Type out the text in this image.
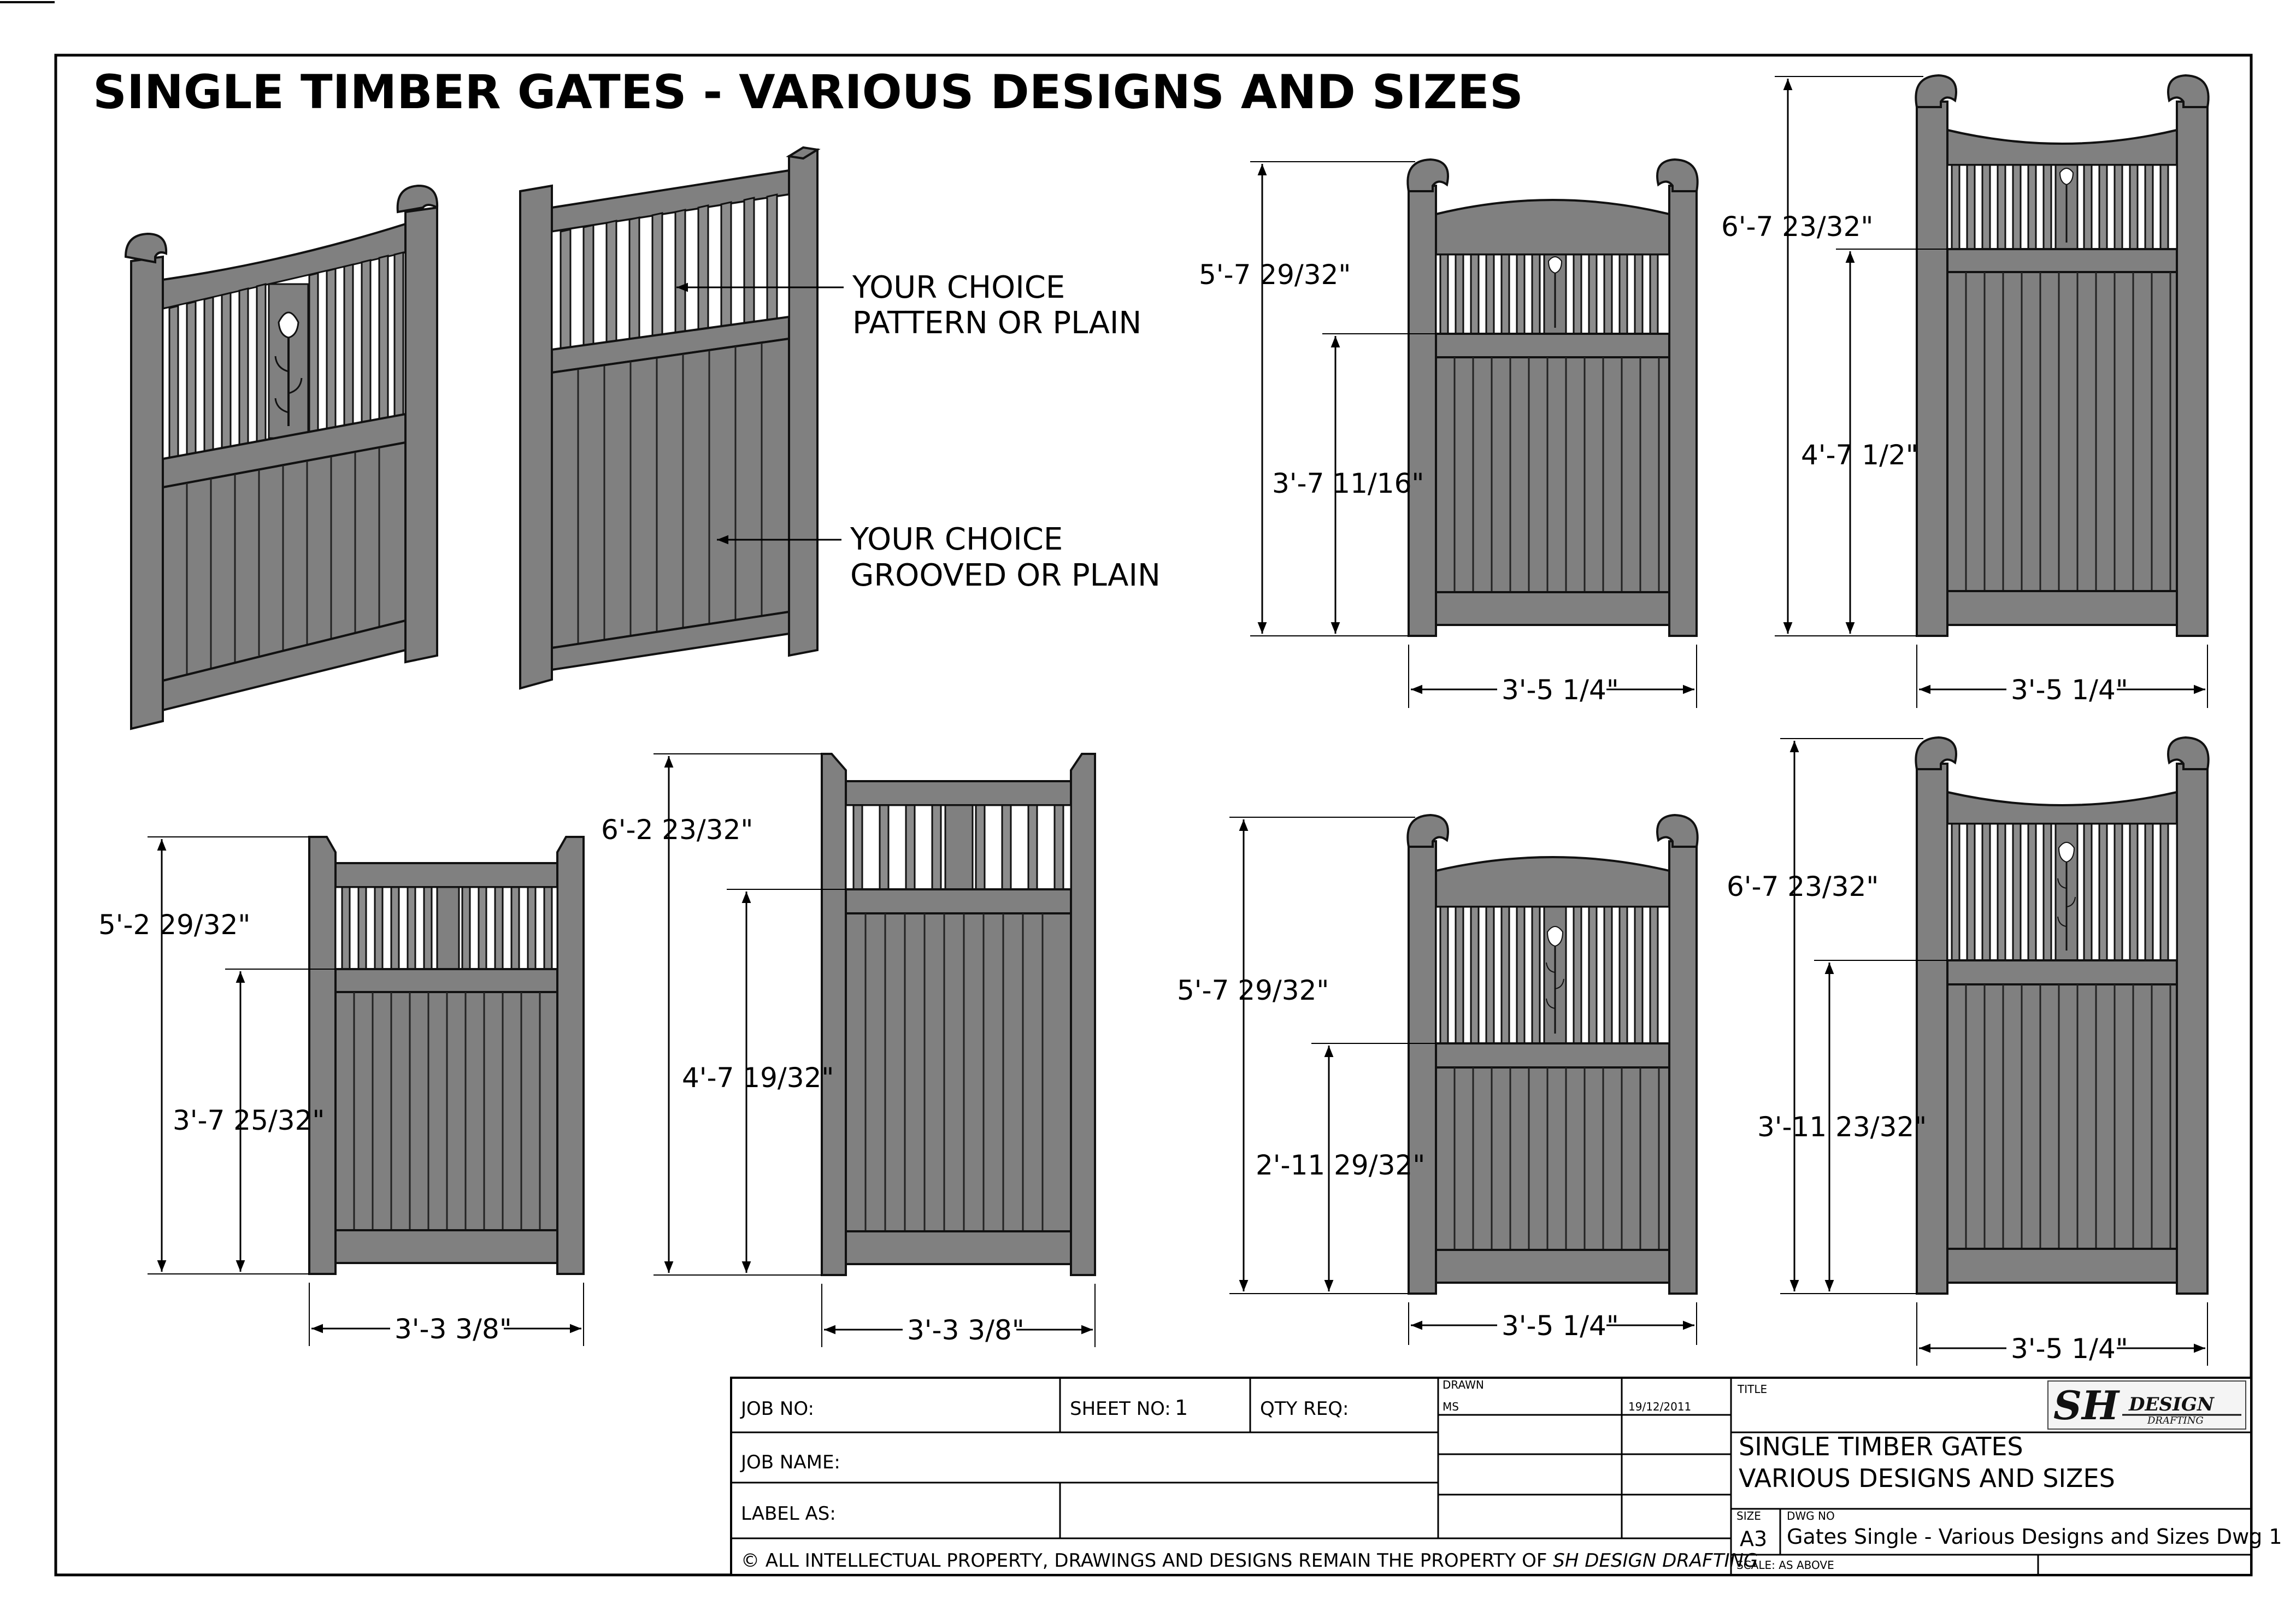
SINGLE TIMBER GATES - VARIOUS DESIGNS AND SIZES
YOUR CHOICE
PATTERN OR PLAIN
YOUR CHOICE
GROOVED OR PLAIN
5'-7 29/32"
3'-7 11/16"
3'-5 1/4"
6'-7 23/32"
4'-7 1/2"
3'-5 1/4"
5'-2 29/32"
3'-7 25/32"
3'-3 3/8"
6'-2 23/32"
4'-7 19/32"
3'-3 3/8"
5'-7 29/32"
2'-11 29/32"
3'-5 1/4"
6'-7 23/32"
3'-11 23/32"
3'-5 1/4"
JOB NO:	SHEET NO: 1	QTY REQ:
DRAWN
MS	19/12/2011
TITLE	SH DESIGN
DRAFTING
SINGLE TIMBER GATES
VARIOUS DESIGNS AND SIZES
JOB NAME:
LABEL AS:	SIZE
A3
DWG NO
Gates Single - Various Designs and Sizes Dwg 1
© ALL INTELLECTUAL PROPERTY, DRAWINGS AND DESIGNS REMAIN THE PROPERTY OF SH DESIGN DRAFTING
SCALE: AS ABOVE
